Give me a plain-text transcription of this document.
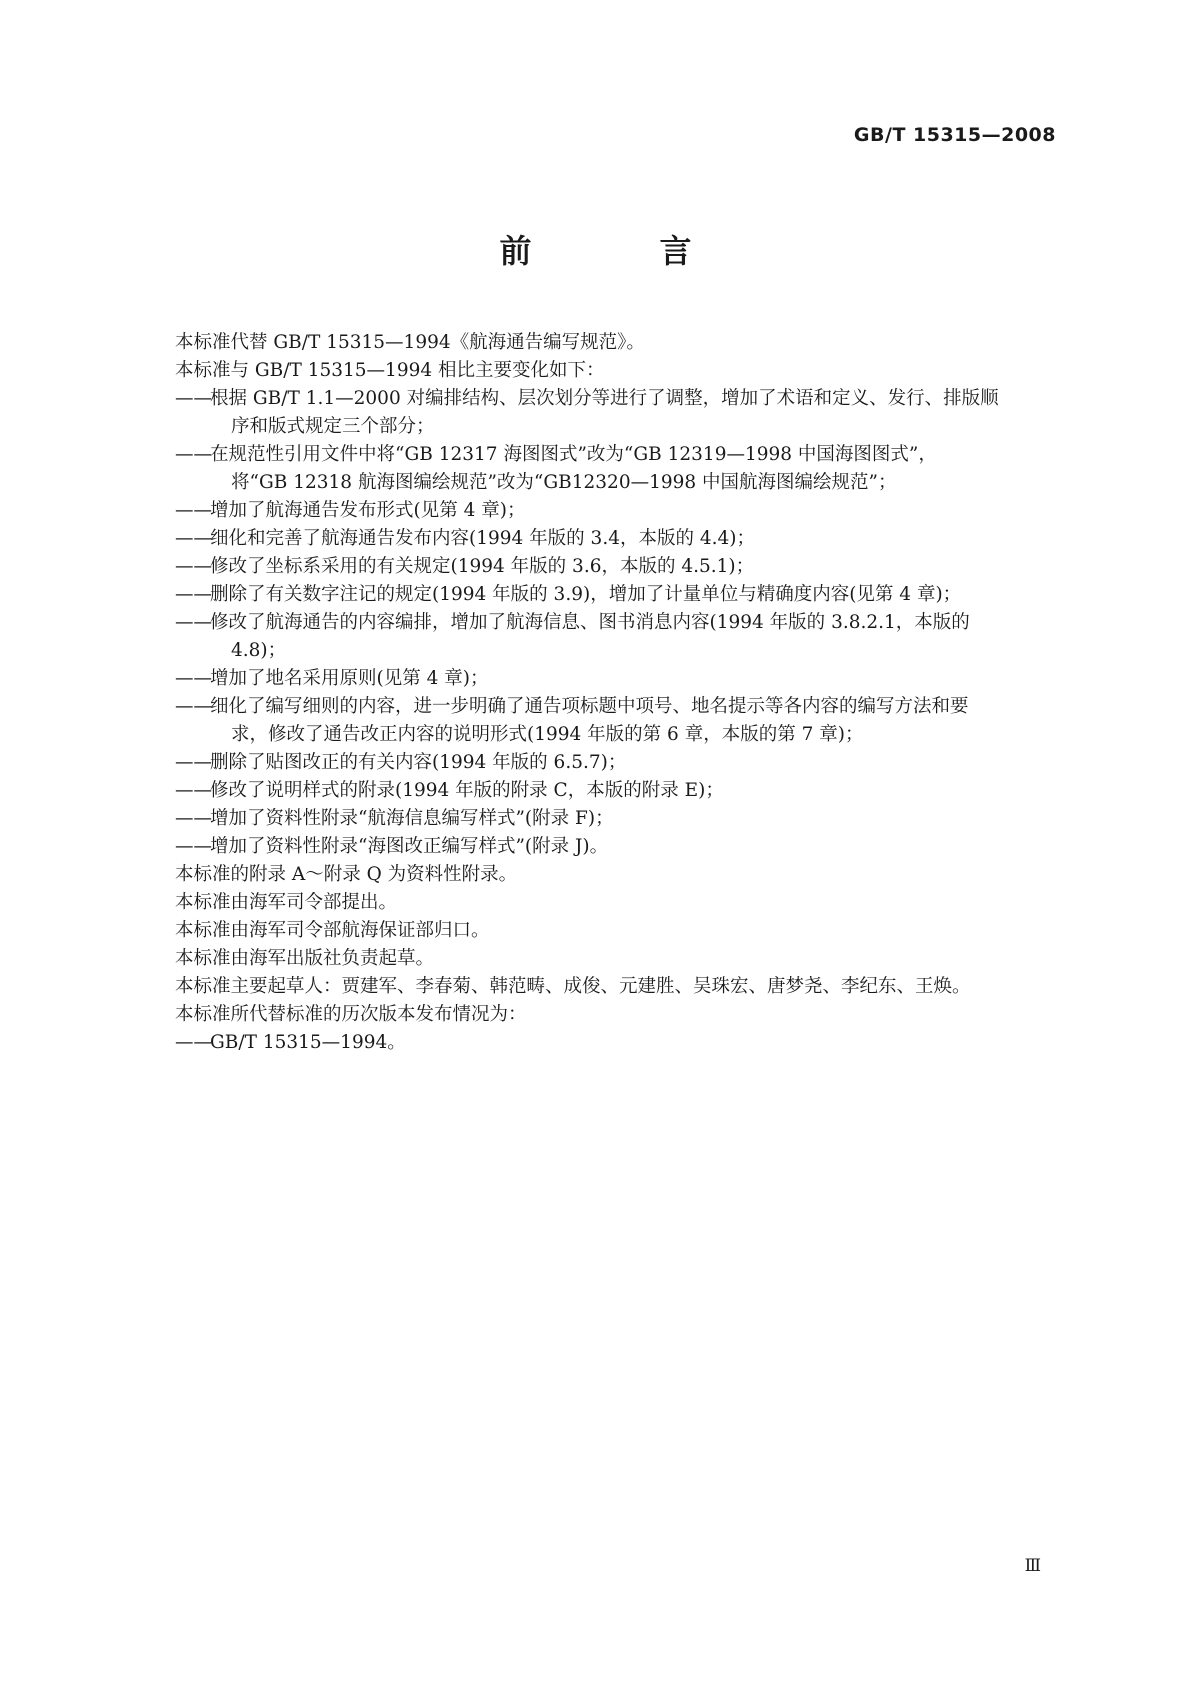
GB/T 15315—2008
前　言
本标准代替 GB/T 15315—1994《航海通告编写规范》。
本标准与 GB/T 15315—1994 相比主要变化如下：
——
根据 GB/T 1.1—2000 对编排结构、层次划分等进行了调整，增加了术语和定义、发行、排版顺
序和版式规定三个部分；
——
在规范性引用文件中将“GB 12317 海图图式”改为“GB 12319—1998 中国海图图式”，
将“GB 12318 航海图编绘规范”改为“GB12320—1998 中国航海图编绘规范”；
——
增加了航海通告发布形式(见第 4 章)；
——
细化和完善了航海通告发布内容(1994 年版的 3.4，本版的 4.4)；
——
修改了坐标系采用的有关规定(1994 年版的 3.6，本版的 4.5.1)；
——
删除了有关数字注记的规定(1994 年版的 3.9)，增加了计量单位与精确度内容(见第 4 章)；
——
修改了航海通告的内容编排，增加了航海信息、图书消息内容(1994 年版的 3.8.2.1，本版的
4.8)；
——
增加了地名采用原则(见第 4 章)；
——
细化了编写细则的内容，进一步明确了通告项标题中项号、地名提示等各内容的编写方法和要
求，修改了通告改正内容的说明形式(1994 年版的第 6 章，本版的第 7 章)；
——
删除了贴图改正的有关内容(1994 年版的 6.5.7)；
——
修改了说明样式的附录(1994 年版的附录 C，本版的附录 E)；
——
增加了资料性附录“航海信息编写样式”(附录 F)；
——
增加了资料性附录“海图改正编写样式”(附录 J)。
本标准的附录 A～附录 Q 为资料性附录。
本标准由海军司令部提出。
本标准由海军司令部航海保证部归口。
本标准由海军出版社负责起草。
本标准主要起草人：贾建军、李春菊、韩范畴、成俊、元建胜、吴珠宏、唐梦尧、李纪东、王焕。
本标准所代替标准的历次版本发布情况为：
——
GB/T 15315—1994。
Ⅲ
